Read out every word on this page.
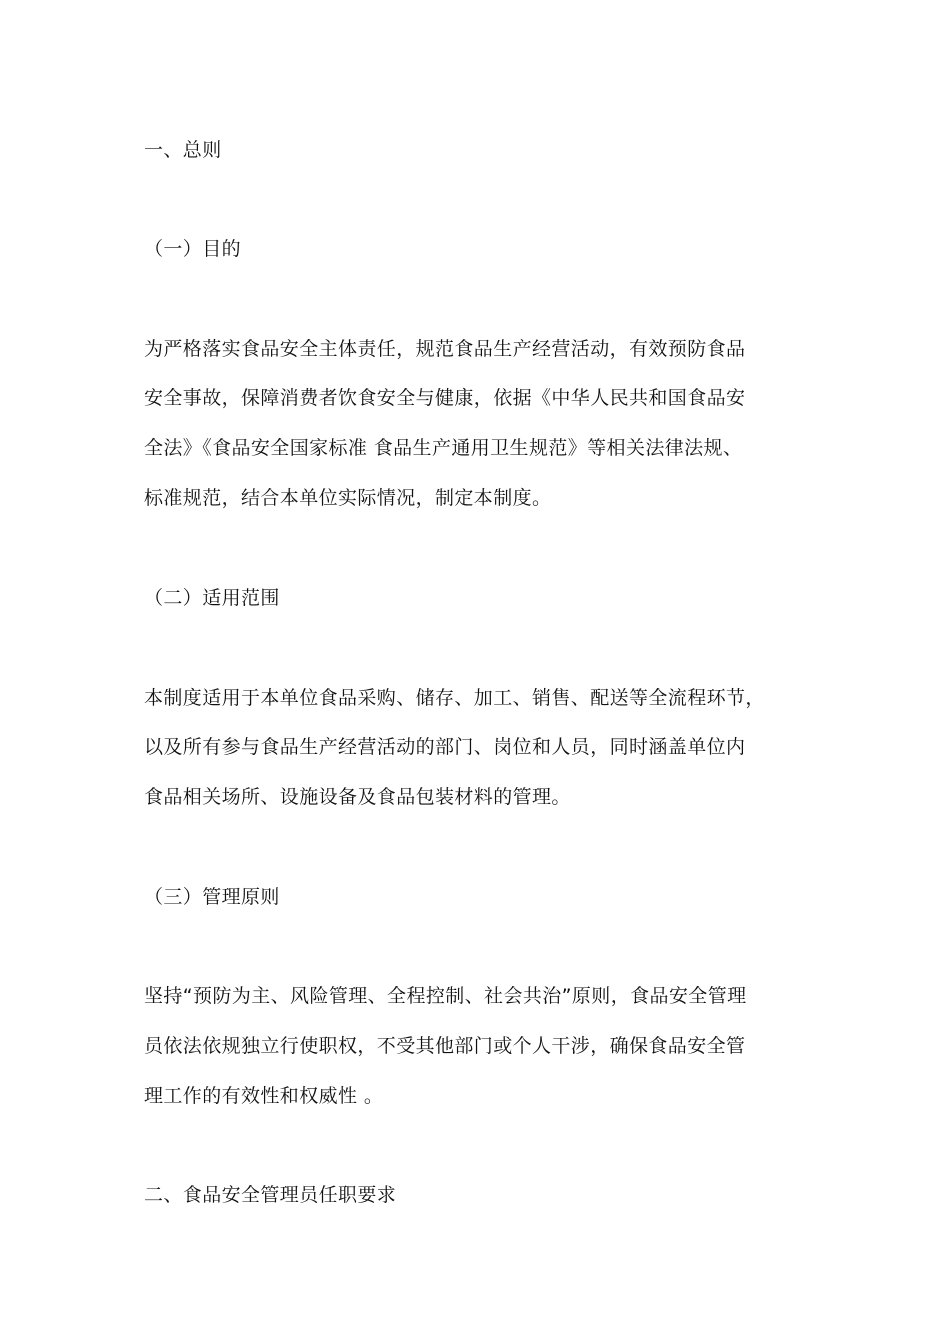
一、总则
（一）目的
为严格落实食品安全主体责任，规范食品生产经营活动，有效预防食品
安全事故，保障消费者饮食安全与健康，依据《中华人民共和国食品安
全法》《食品安全国家标准 食品生产通用卫生规范》等相关法律法规、
标准规范，结合本单位实际情况，制定本制度。
（二）适用范围
本制度适用于本单位食品采购、储存、加工、销售、配送等全流程环节，
以及所有参与食品生产经营活动的部门、岗位和人员，同时涵盖单位内
食品相关场所、设施设备及食品包装材料的管理。
（三）管理原则
坚持“预防为主、风险管理、全程控制、社会共治”原则，食品安全管理
员依法依规独立行使职权，不受其他部门或个人干涉，确保食品安全管
理工作的有效性和权威性 。
二、食品安全管理员任职要求
